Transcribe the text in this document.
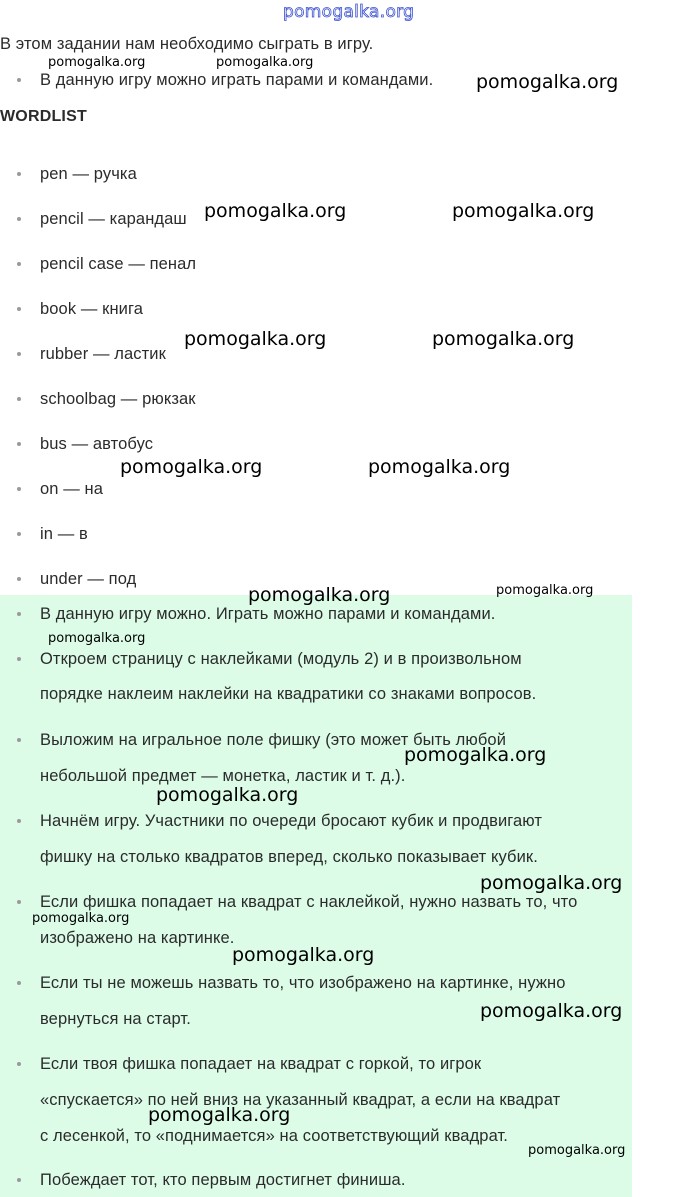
pomogalka.org
В этом задании нам необходимо сыграть в игру.
В данную игру можно играть парами и командами.
WORDLIST
pen — ручка
pencil — карандаш
pencil case — пенал
book — книга
rubber — ластик
schoolbag — рюкзак
bus — автобус
on — на
in — в
under — под
В данную игру можно. Играть можно парами и командами.
Откроем страницу с наклейками (модуль 2) и в произвольном
порядке наклеим наклейки на квадратики со знаками вопросов.
Выложим на игральное поле фишку (это может быть любой
небольшой предмет — монетка, ластик и т. д.).
Начнём игру. Участники по очереди бросают кубик и продвигают
фишку на столько квадратов вперед, сколько показывает кубик.
Если фишка попадает на квадрат с наклейкой, нужно назвать то, что
изображено на картинке.
Если ты не можешь назвать то, что изображено на картинке, нужно
вернуться на старт.
Если твоя фишка попадает на квадрат с горкой, то игрок
«спускается» по ней вниз на указанный квадрат, а если на квадрат
с лесенкой, то «поднимается» на соответствующий квадрат.
Побеждает тот, кто первым достигнет финиша.
pomogalka.org	pomogalka.org
pomogalka.org
pomogalka.org	pomogalka.org
pomogalka.org	pomogalka.org
pomogalka.org	pomogalka.org
pomogalka.org	pomogalka.org
pomogalka.org
pomogalka.org
pomogalka.org
pomogalka.org
pomogalka.org
pomogalka.org
pomogalka.org
pomogalka.org
pomogalka.org
